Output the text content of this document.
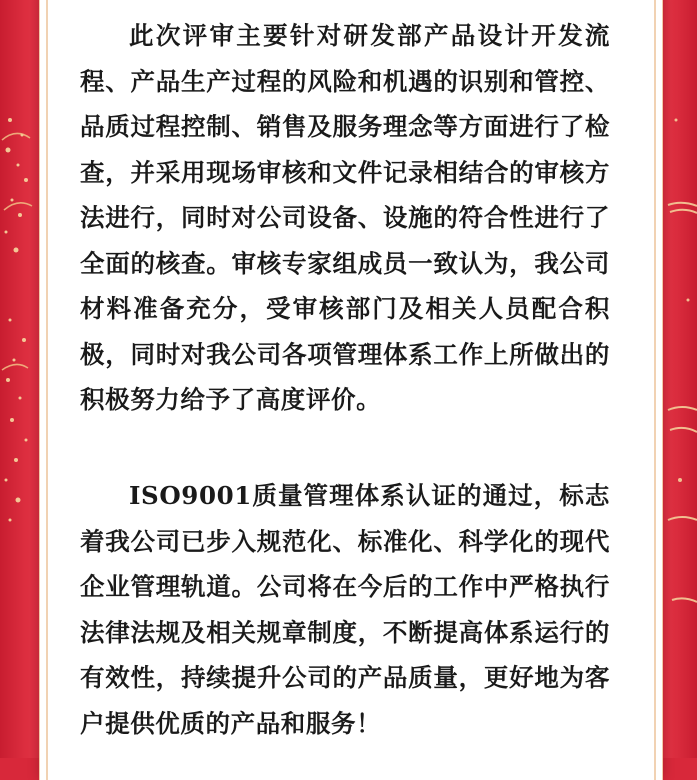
此次评审主要针对研发部产品设计开发流程、产品生产过程的风险和机遇的识别和管控、品质过程控制、销售及服务理念等方面进行了检查，并采用现场审核和文件记录相结合的审核方法进行，同时对公司设备、设施的符合性进行了全面的核查。审核专家组成员一致认为，我公司材料准备充分，受审核部门及相关人员配合积极，同时对我公司各项管理体系工作上所做出的积极努力给予了高度评价。

ISO9001质量管理体系认证的通过，标志着我公司已步入规范化、标准化、科学化的现代企业管理轨道。公司将在今后的工作中严格执行法律法规及相关规章制度，不断提高体系运行的有效性，持续提升公司的产品质量，更好地为客户提供优质的产品和服务！
